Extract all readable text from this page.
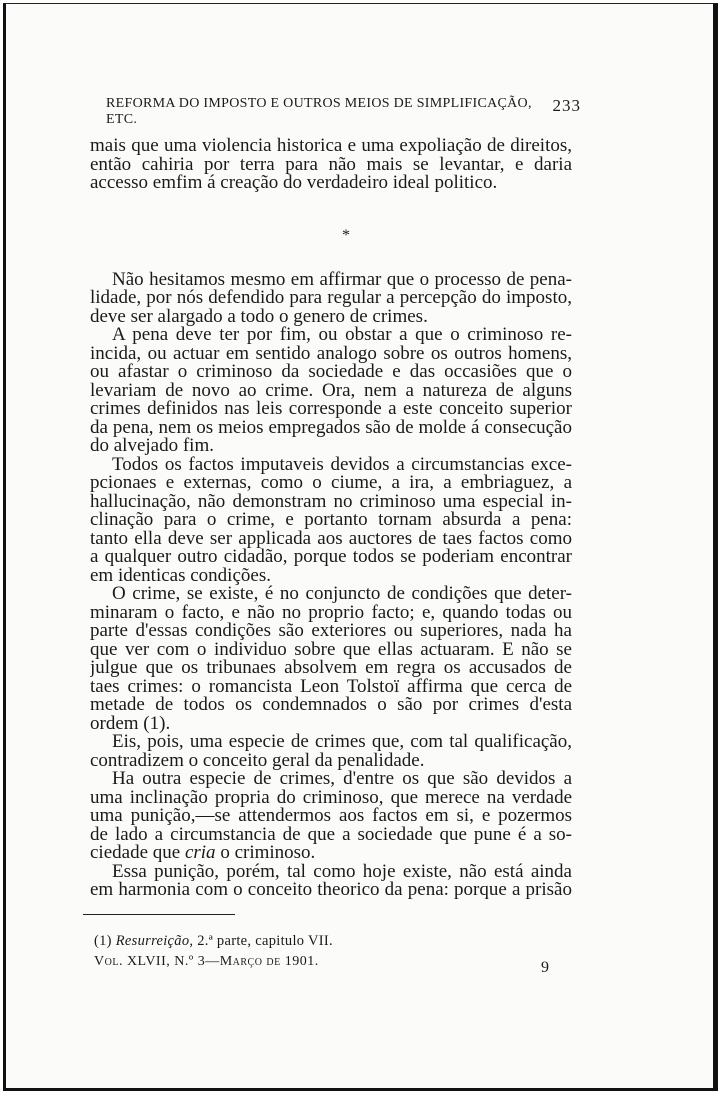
REFORMA DO IMPOSTO E OUTROS MEIOS DE SIMPLIFICAÇÃO, ETC.
233
mais que uma violencia historica e uma expoliação de direitos,
então cahiria por terra para não mais se levantar, e daria
accesso emfim á creação do verdadeiro ideal politico.
*
Não hesitamos mesmo em affirmar que o processo de pena-
lidade, por nós defendido para regular a percepção do imposto,
deve ser alargado a todo o genero de crimes.
A pena deve ter por fim, ou obstar a que o criminoso re-
incida, ou actuar em sentido analogo sobre os outros homens,
ou afastar o criminoso da sociedade e das occasiões que o
levariam de novo ao crime. Ora, nem a natureza de alguns
crimes definidos nas leis corresponde a este conceito superior
da pena, nem os meios empregados são de molde á consecução
do alvejado fim.
Todos os factos imputaveis devidos a circumstancias exce-
pcionaes e externas, como o ciume, a ira, a embriaguez, a
hallucinação, não demonstram no criminoso uma especial in-
clinação para o crime, e portanto tornam absurda a pena:
tanto ella deve ser applicada aos auctores de taes factos como
a qualquer outro cidadão, porque todos se poderiam encontrar
em identicas condições.
O crime, se existe, é no conjuncto de condições que deter-
minaram o facto, e não no proprio facto; e, quando todas ou
parte d'essas condições são exteriores ou superiores, nada ha
que ver com o individuo sobre que ellas actuaram. E não se
julgue que os tribunaes absolvem em regra os accusados de
taes crimes: o romancista Leon Tolstoï affirma que cerca de
metade de todos os condemnados o são por crimes d'esta
ordem (1).
Eis, pois, uma especie de crimes que, com tal qualificação,
contradizem o conceito geral da penalidade.
Ha outra especie de crimes, d'entre os que são devidos a
uma inclinação propria do criminoso, que merece na verdade
uma punição,—se attendermos aos factos em si, e pozermos
de lado a circumstancia de que a sociedade que pune é a so-
ciedade que cria o criminoso.
Essa punição, porém, tal como hoje existe, não está ainda
em harmonia com o conceito theorico da pena: porque a prisão
(1) Resurreição, 2.ª parte, capitulo VII.
Vol. XLVII, N.º 3—Março de 1901.	9
